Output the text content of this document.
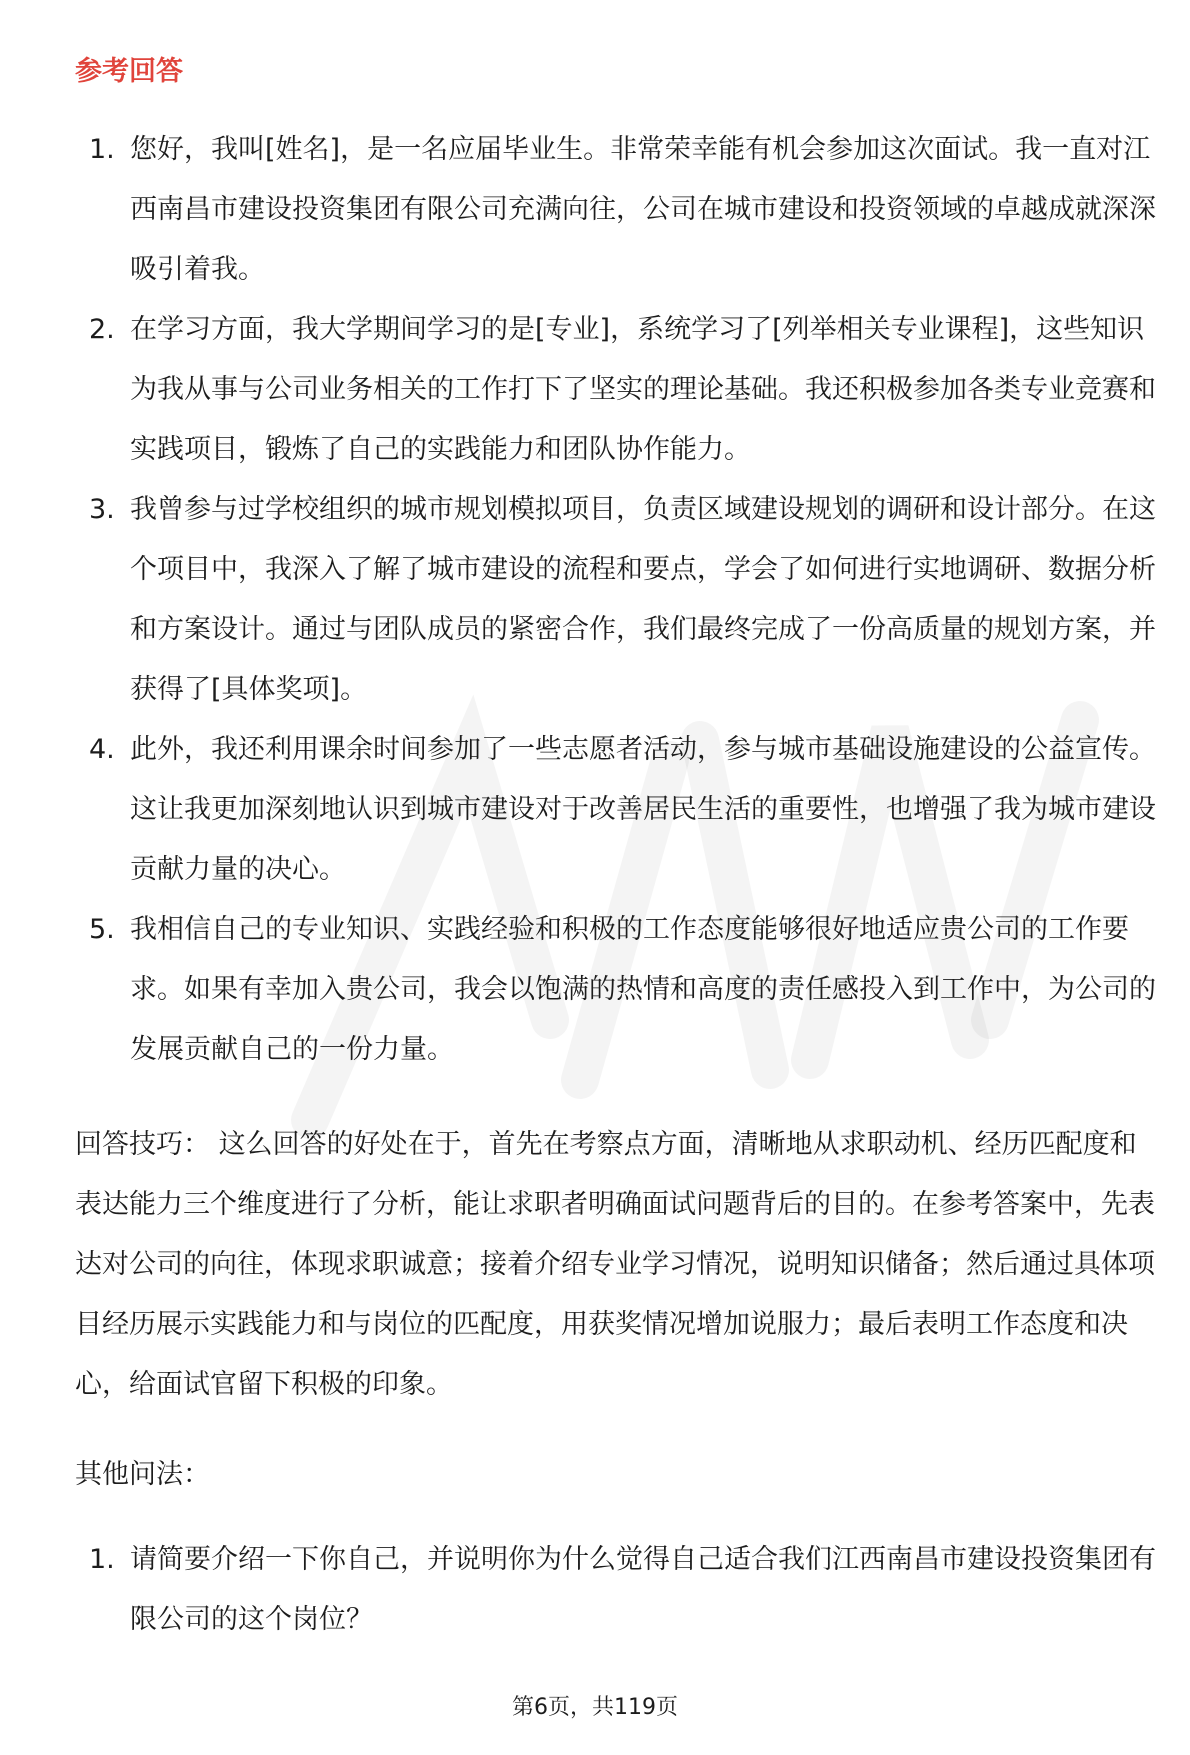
参考回答
1. 您好，我叫[姓名]，是一名应届毕业生。非常荣幸能有机会参加这次面试。我一直对江西南昌市建设投资集团有限公司充满向往，公司在城市建设和投资领域的卓越成就深深吸引着我。
2. 在学习方面，我大学期间学习的是[专业]，系统学习了[列举相关专业课程]，这些知识为我从事与公司业务相关的工作打下了坚实的理论基础。我还积极参加各类专业竞赛和实践项目，锻炼了自己的实践能力和团队协作能力。
3. 我曾参与过学校组织的城市规划模拟项目，负责区域建设规划的调研和设计部分。在这个项目中，我深入了解了城市建设的流程和要点，学会了如何进行实地调研、数据分析和方案设计。通过与团队成员的紧密合作，我们最终完成了一份高质量的规划方案，并获得了[具体奖项]。
4. 此外，我还利用课余时间参加了一些志愿者活动，参与城市基础设施建设的公益宣传。这让我更加深刻地认识到城市建设对于改善居民生活的重要性，也增强了我为城市建设贡献力量的决心。
5. 我相信自己的专业知识、实践经验和积极的工作态度能够很好地适应贵公司的工作要求。如果有幸加入贵公司，我会以饱满的热情和高度的责任感投入到工作中，为公司的发展贡献自己的一份力量。
回答技巧： 这么回答的好处在于，首先在考察点方面，清晰地从求职动机、经历匹配度和表达能力三个维度进行了分析，能让求职者明确面试问题背后的目的。在参考答案中，先表达对公司的向往，体现求职诚意；接着介绍专业学习情况，说明知识储备；然后通过具体项目经历展示实践能力和与岗位的匹配度，用获奖情况增加说服力；最后表明工作态度和决心，给面试官留下积极的印象。
其他问法：
1. 请简要介绍一下你自己，并说明你为什么觉得自己适合我们江西南昌市建设投资集团有限公司的这个岗位？
第6页，共119页
